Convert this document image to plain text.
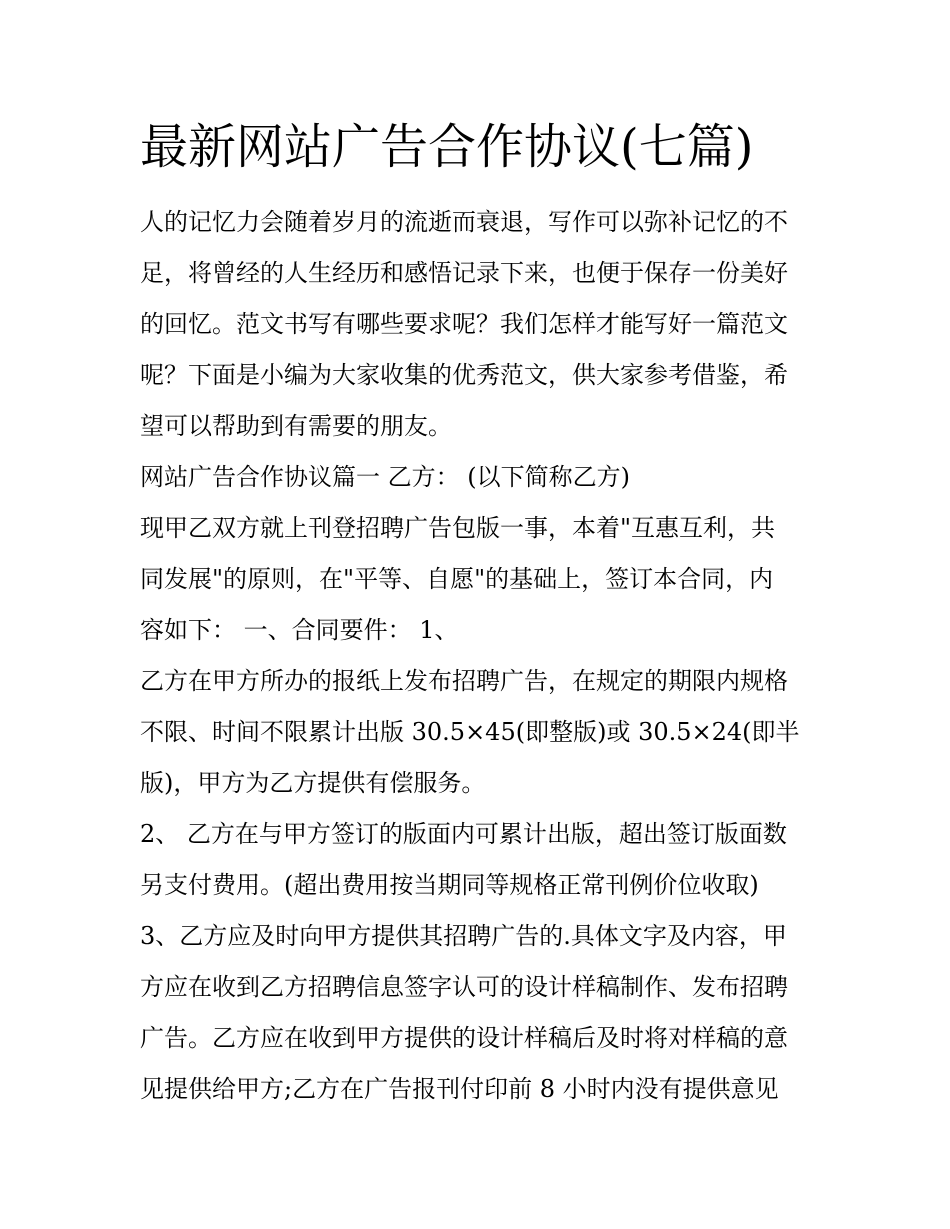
最新网站广告合作协议(七篇)
人的记忆力会随着岁月的流逝而衰退，写作可以弥补记忆的不
足，将曾经的人生经历和感悟记录下来，也便于保存一份美好
的回忆。范文书写有哪些要求呢？我们怎样才能写好一篇范文
呢？下面是小编为大家收集的优秀范文，供大家参考借鉴，希
望可以帮助到有需要的朋友。
网站广告合作协议篇一 乙方： (以下简称乙方)
现甲乙双方就上刊登招聘广告包版一事，本着"互惠互利，共
同发展"的原则，在"平等、自愿"的基础上，签订本合同，内
容如下： 一、合同要件： 1、
乙方在甲方所办的报纸上发布招聘广告，在规定的期限内规格
不限、时间不限累计出版 30.5×45(即整版)或 30.5×24(即半
版)，甲方为乙方提供有偿服务。
2、 乙方在与甲方签订的版面内可累计出版，超出签订版面数
另支付费用。(超出费用按当期同等规格正常刊例价位收取)
3、乙方应及时向甲方提供其招聘广告的.具体文字及内容，甲
方应在收到乙方招聘信息签字认可的设计样稿制作、发布招聘
广告。乙方应在收到甲方提供的设计样稿后及时将对样稿的意
见提供给甲方;乙方在广告报刊付印前 8 小时内没有提供意见
